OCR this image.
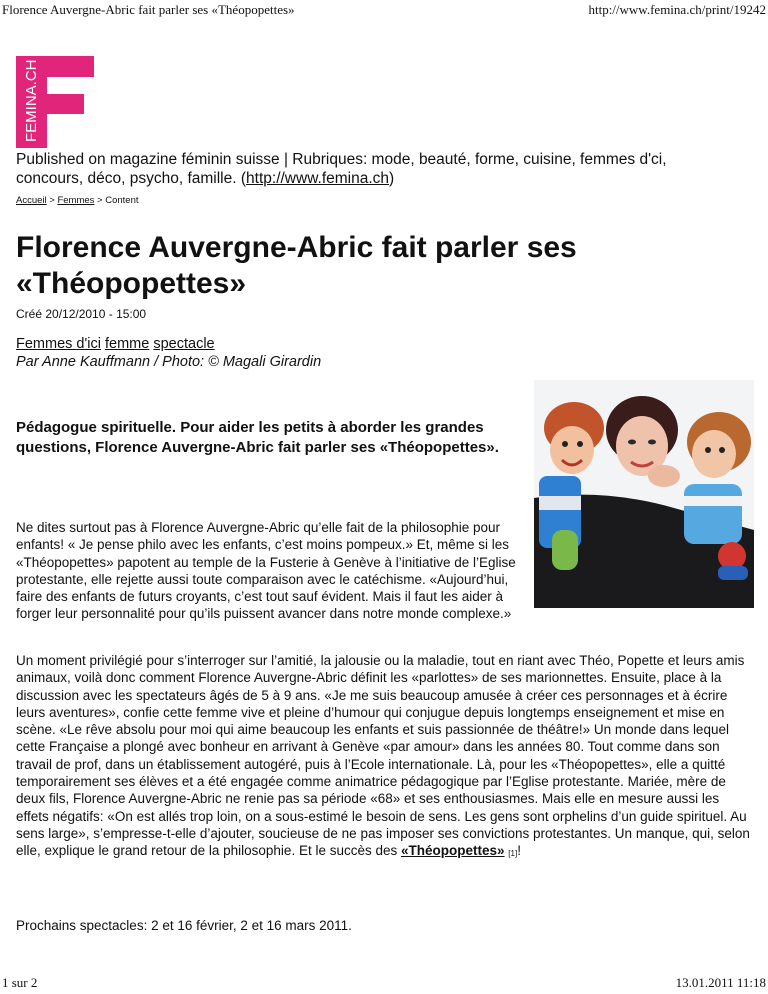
Florence Auvergne-Abric fait parler ses «Théopopettes»	http://www.femina.ch/print/19242
FEMINA.CH
Published on magazine féminin suisse | Rubriques: mode, beauté, forme, cuisine, femmes d'ci, concours, déco, psycho, famille. (http://www.femina.ch)
Accueil > Femmes > Content
Florence Auvergne-Abric fait parler ses «Théopopettes»
Créé 20/12/2010 - 15:00
Femmes d'ici femme spectacle
Par Anne Kauffmann / Photo: © Magali Girardin

Pédagogue spirituelle. Pour aider les petits à aborder les grandes questions, Florence Auvergne-Abric fait parler ses «Théopopettes».

Ne dites surtout pas à Florence Auvergne-Abric qu’elle fait de la philosophie pour enfants! « Je pense philo avec les enfants, c’est moins pompeux.» Et, même si les «Théopopettes» papotent au temple de la Fusterie à Genève à l’initiative de l’Eglise protestante, elle rejette aussi toute comparaison avec le catéchisme. «Aujourd’hui, faire des enfants de futurs croyants, c’est tout sauf évident. Mais il faut les aider à forger leur personnalité pour qu’ils puissent avancer dans notre monde complexe.»

Un moment privilégié pour s’interroger sur l’amitié, la jalousie ou la maladie, tout en riant avec Théo, Popette et leurs amis animaux, voilà donc comment Florence Auvergne-Abric définit les «parlottes» de ses marionnettes. Ensuite, place à la discussion avec les spectateurs âgés de 5 à 9 ans. «Je me suis beaucoup amusée à créer ces personnages et à écrire leurs aventures», confie cette femme vive et pleine d’humour qui conjugue depuis longtemps enseignement et mise en scène. «Le rêve absolu pour moi qui aime beaucoup les enfants et suis passionnée de théâtre!» Un monde dans lequel cette Française a plongé avec bonheur en arrivant à Genève «par amour» dans les années 80. Tout comme dans son travail de prof, dans un établissement autogéré, puis à l’Ecole internationale. Là, pour les «Théopopettes», elle a quitté temporairement ses élèves et a été engagée comme animatrice pédagogique par l’Eglise protestante. Mariée, mère de deux fils, Florence Auvergne-Abric ne renie pas sa période «68» et ses enthousiasmes. Mais elle en mesure aussi les effets négatifs: «On est allés trop loin, on a sous-estimé le besoin de sens. Les gens sont orphelins d’un guide spirituel. Au sens large», s’empresse-t-elle d’ajouter, soucieuse de ne pas imposer ses convictions protestantes. Un manque, qui, selon elle, explique le grand retour de la philosophie. Et le succès des «Théopopettes» [1]!

Prochains spectacles: 2 et 16 février, 2 et 16 mars 2011.

1 sur 2	13.01.2011 11:18
